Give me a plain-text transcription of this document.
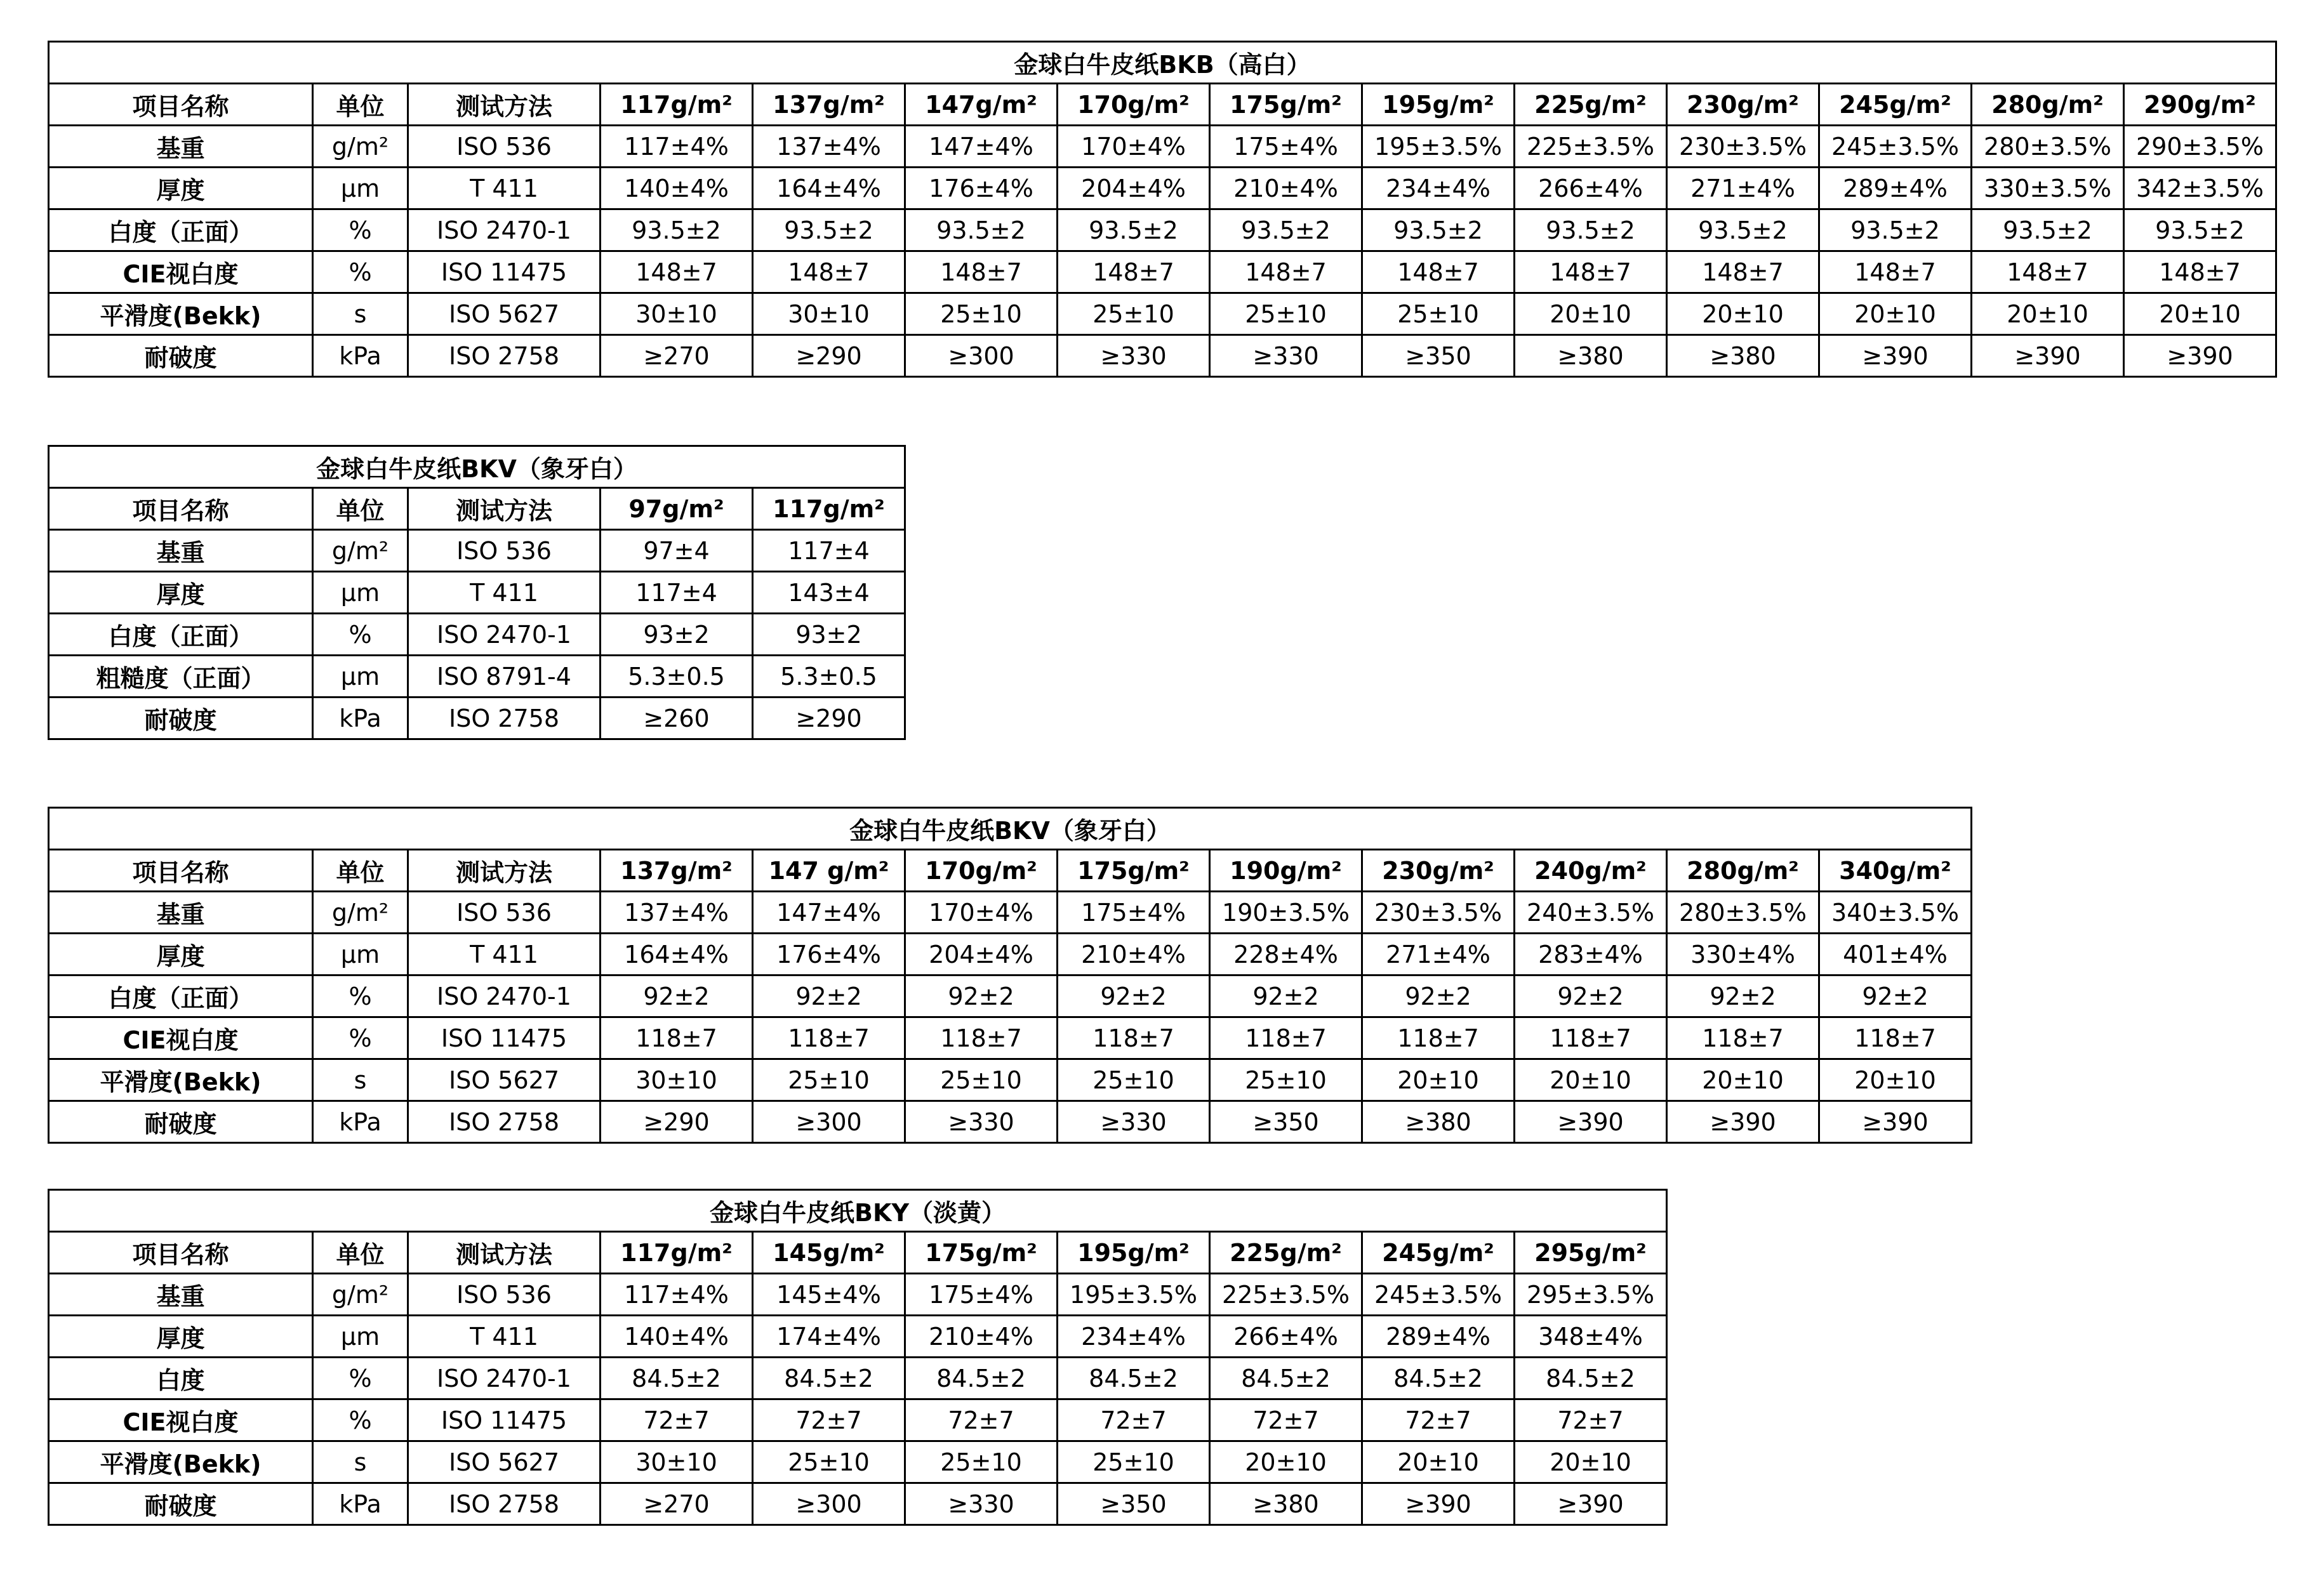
金球白牛皮纸BKB（高白）													
项目名称	单位	测试方法	117g/m²	137g/m²	147g/m²	170g/m²	175g/m²	195g/m²	225g/m²	230g/m²	245g/m²	280g/m²	290g/m²
基重	g/m²	ISO 536	117±4%	137±4%	147±4%	170±4%	175±4%	195±3.5%	225±3.5%	230±3.5%	245±3.5%	280±3.5%	290±3.5%
厚度	μm	T 411	140±4%	164±4%	176±4%	204±4%	210±4%	234±4%	266±4%	271±4%	289±4%	330±3.5%	342±3.5%
白度（正面）	%	ISO 2470-1	93.5±2	93.5±2	93.5±2	93.5±2	93.5±2	93.5±2	93.5±2	93.5±2	93.5±2	93.5±2	93.5±2
CIE视白度	%	ISO 11475	148±7	148±7	148±7	148±7	148±7	148±7	148±7	148±7	148±7	148±7	148±7
平滑度(Bekk)	s	ISO 5627	30±10	30±10	25±10	25±10	25±10	25±10	20±10	20±10	20±10	20±10	20±10
耐破度	kPa	ISO 2758	≥270	≥290	≥300	≥330	≥330	≥350	≥380	≥380	≥390	≥390	≥390
金球白牛皮纸BKV（象牙白）				
项目名称	单位	测试方法	97g/m²	117g/m²
基重	g/m²	ISO 536	97±4	117±4
厚度	μm	T 411	117±4	143±4
白度（正面）	%	ISO 2470-1	93±2	93±2
粗糙度（正面）	μm	ISO 8791-4	5.3±0.5	5.3±0.5
耐破度	kPa	ISO 2758	≥260	≥290
金球白牛皮纸BKV（象牙白）											
项目名称	单位	测试方法	137g/m²	147 g/m²	170g/m²	175g/m²	190g/m²	230g/m²	240g/m²	280g/m²	340g/m²
基重	g/m²	ISO 536	137±4%	147±4%	170±4%	175±4%	190±3.5%	230±3.5%	240±3.5%	280±3.5%	340±3.5%
厚度	μm	T 411	164±4%	176±4%	204±4%	210±4%	228±4%	271±4%	283±4%	330±4%	401±4%
白度（正面）	%	ISO 2470-1	92±2	92±2	92±2	92±2	92±2	92±2	92±2	92±2	92±2
CIE视白度	%	ISO 11475	118±7	118±7	118±7	118±7	118±7	118±7	118±7	118±7	118±7
平滑度(Bekk)	s	ISO 5627	30±10	25±10	25±10	25±10	25±10	20±10	20±10	20±10	20±10
耐破度	kPa	ISO 2758	≥290	≥300	≥330	≥330	≥350	≥380	≥390	≥390	≥390
金球白牛皮纸BKY（淡黄）									
项目名称	单位	测试方法	117g/m²	145g/m²	175g/m²	195g/m²	225g/m²	245g/m²	295g/m²
基重	g/m²	ISO 536	117±4%	145±4%	175±4%	195±3.5%	225±3.5%	245±3.5%	295±3.5%
厚度	μm	T 411	140±4%	174±4%	210±4%	234±4%	266±4%	289±4%	348±4%
白度	%	ISO 2470-1	84.5±2	84.5±2	84.5±2	84.5±2	84.5±2	84.5±2	84.5±2
CIE视白度	%	ISO 11475	72±7	72±7	72±7	72±7	72±7	72±7	72±7
平滑度(Bekk)	s	ISO 5627	30±10	25±10	25±10	25±10	20±10	20±10	20±10
耐破度	kPa	ISO 2758	≥270	≥300	≥330	≥350	≥380	≥390	≥390
